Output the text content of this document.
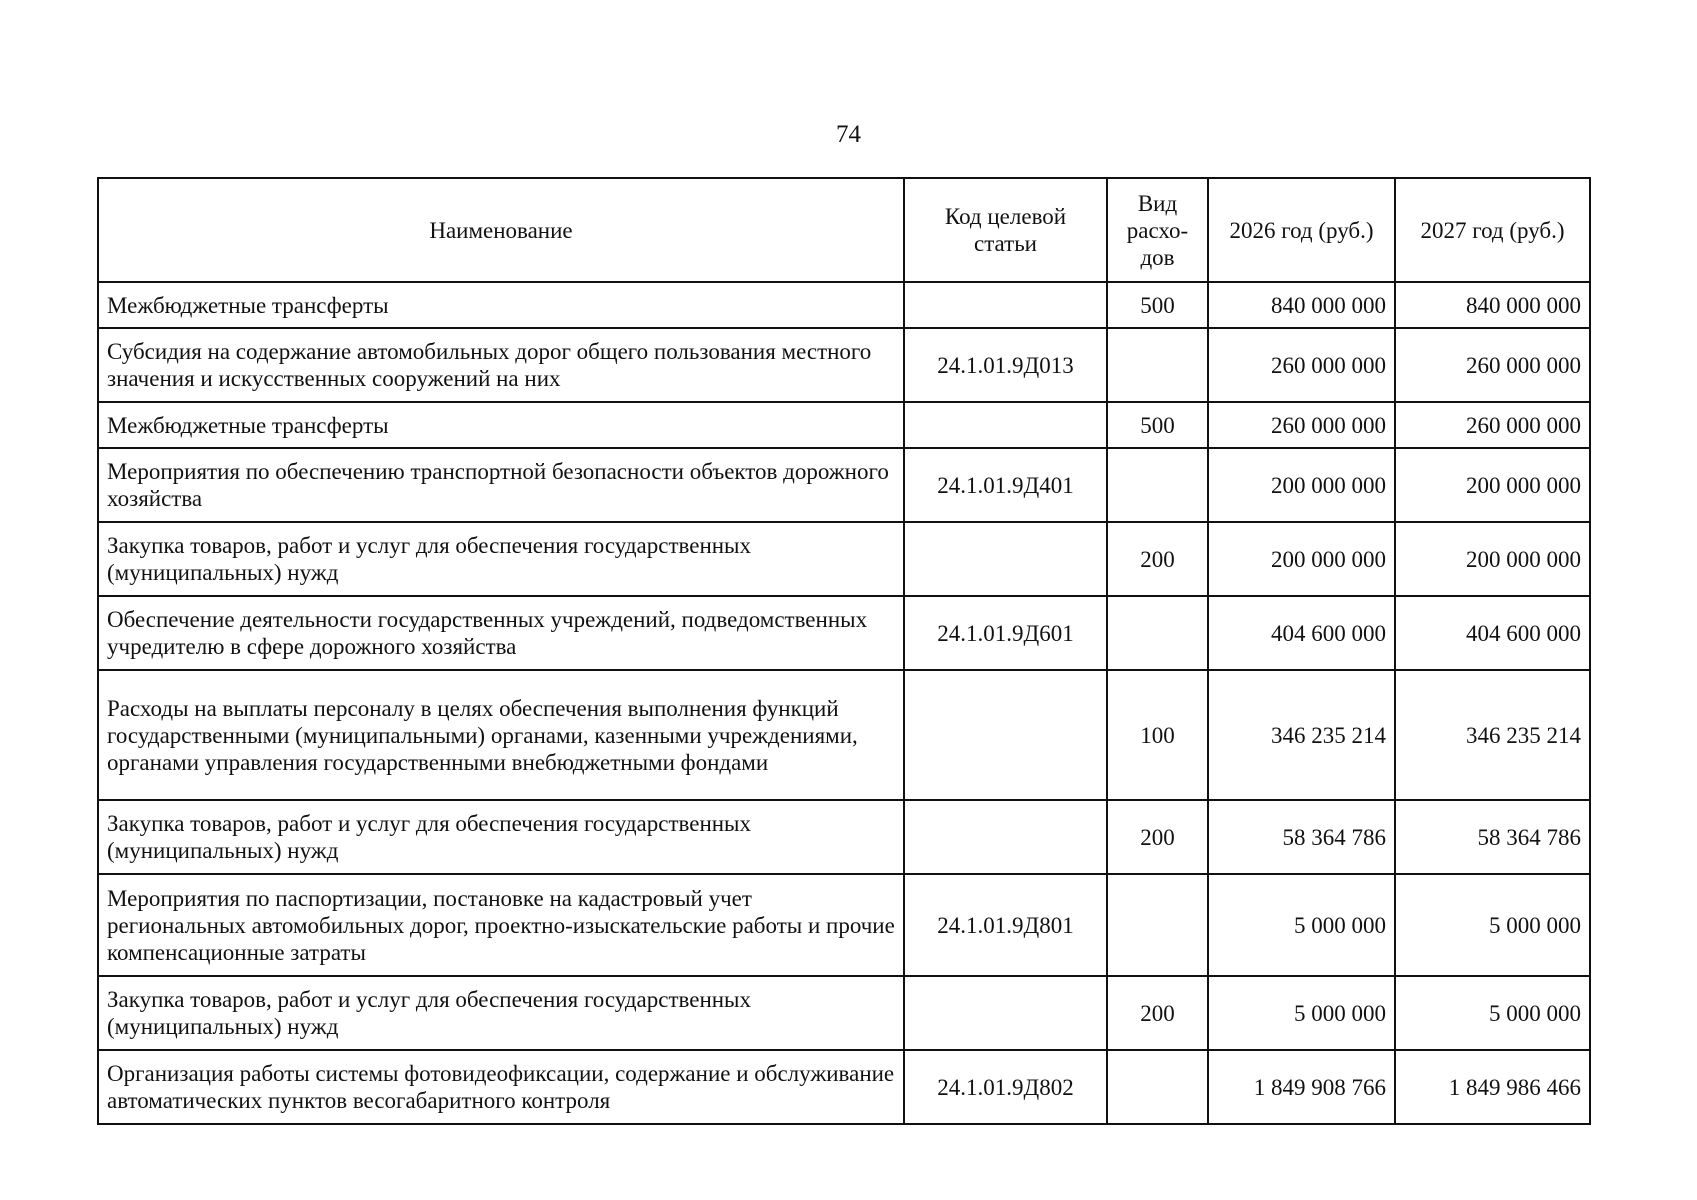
74
Наименование	Код целевой статьи	Вид расхо-дов	2026 год (руб.)	2027 год (руб.)
Межбюджетные трансферты		500	840 000 000	840 000 000
Субсидия на содержание автомобильных дорог общего пользования местного значения и искусственных сооружений на них	24.1.01.9Д013		260 000 000	260 000 000
Межбюджетные трансферты		500	260 000 000	260 000 000
Мероприятия по обеспечению транспортной безопасности объектов дорожного хозяйства	24.1.01.9Д401		200 000 000	200 000 000
Закупка товаров, работ и услуг для обеспечения государственных (муниципальных) нужд		200	200 000 000	200 000 000
Обеспечение деятельности государственных учреждений, подведомственных учредителю в сфере дорожного хозяйства	24.1.01.9Д601		404 600 000	404 600 000
Расходы на выплаты персоналу в целях обеспечения выполнения функций государственными (муниципальными) органами, казенными учреждениями, органами управления государственными внебюджетными фондами		100	346 235 214	346 235 214
Закупка товаров, работ и услуг для обеспечения государственных (муниципальных) нужд		200	58 364 786	58 364 786
Мероприятия по паспортизации, постановке на кадастровый учет региональных автомобильных дорог, проектно-изыскательские работы и прочие компенсационные затраты	24.1.01.9Д801		5 000 000	5 000 000
Закупка товаров, работ и услуг для обеспечения государственных (муниципальных) нужд		200	5 000 000	5 000 000
Организация работы системы фотовидеофиксации, содержание и обслуживание автоматических пунктов весогабаритного контроля	24.1.01.9Д802		1 849 908 766	1 849 986 466
